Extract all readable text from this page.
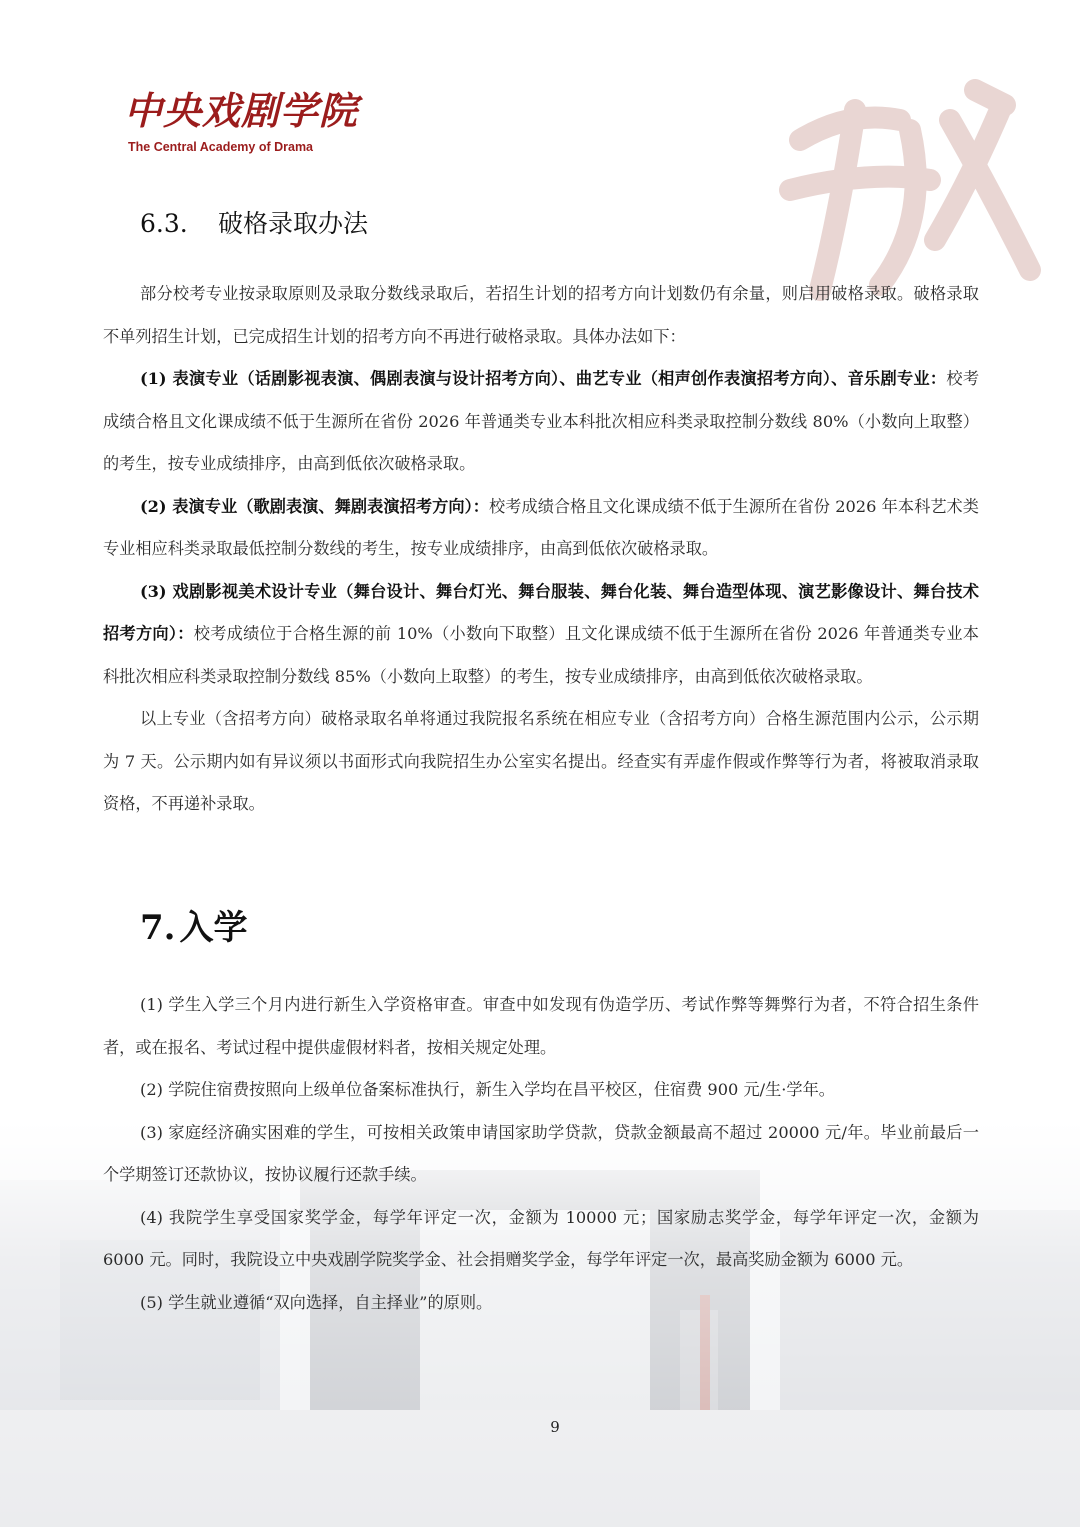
中央戏剧学院
The Central Academy of Drama
6.3. 破格录取办法

部分校考专业按录取原则及录取分数线录取后，若招生计划的招考方向计划数仍有余量，则启用破格录取。破格录取不单列招生计划，已完成招生计划的招考方向不再进行破格录取。具体办法如下：

(1) 表演专业（话剧影视表演、偶剧表演与设计招考方向）、曲艺专业（相声创作表演招考方向）、音乐剧专业：校考成绩合格且文化课成绩不低于生源所在省份 2026 年普通类专业本科批次相应科类录取控制分数线 80%（小数向上取整）的考生，按专业成绩排序，由高到低依次破格录取。

(2) 表演专业（歌剧表演、舞剧表演招考方向）：校考成绩合格且文化课成绩不低于生源所在省份 2026 年本科艺术类专业相应科类录取最低控制分数线的考生，按专业成绩排序，由高到低依次破格录取。

(3) 戏剧影视美术设计专业（舞台设计、舞台灯光、舞台服装、舞台化装、舞台造型体现、演艺影像设计、舞台技术招考方向）：校考成绩位于合格生源的前 10%（小数向下取整）且文化课成绩不低于生源所在省份 2026 年普通类专业本科批次相应科类录取控制分数线 85%（小数向上取整）的考生，按专业成绩排序，由高到低依次破格录取。

以上专业（含招考方向）破格录取名单将通过我院报名系统在相应专业（含招考方向）合格生源范围内公示，公示期为 7 天。公示期内如有异议须以书面形式向我院招生办公室实名提出。经查实有弄虚作假或作弊等行为者，将被取消录取资格，不再递补录取。

7. 入学

(1) 学生入学三个月内进行新生入学资格审查。审查中如发现有伪造学历、考试作弊等舞弊行为者，不符合招生条件者，或在报名、考试过程中提供虚假材料者，按相关规定处理。

(2) 学院住宿费按照向上级单位备案标准执行，新生入学均在昌平校区，住宿费 900 元/生·学年。

(3) 家庭经济确实困难的学生，可按相关政策申请国家助学贷款，贷款金额最高不超过 20000 元/年。毕业前最后一个学期签订还款协议，按协议履行还款手续。

(4) 我院学生享受国家奖学金，每学年评定一次，金额为 10000 元；国家励志奖学金，每学年评定一次，金额为 6000 元。同时，我院设立中央戏剧学院奖学金、社会捐赠奖学金，每学年评定一次，最高奖励金额为 6000 元。

(5) 学生就业遵循“双向选择，自主择业”的原则。

9
